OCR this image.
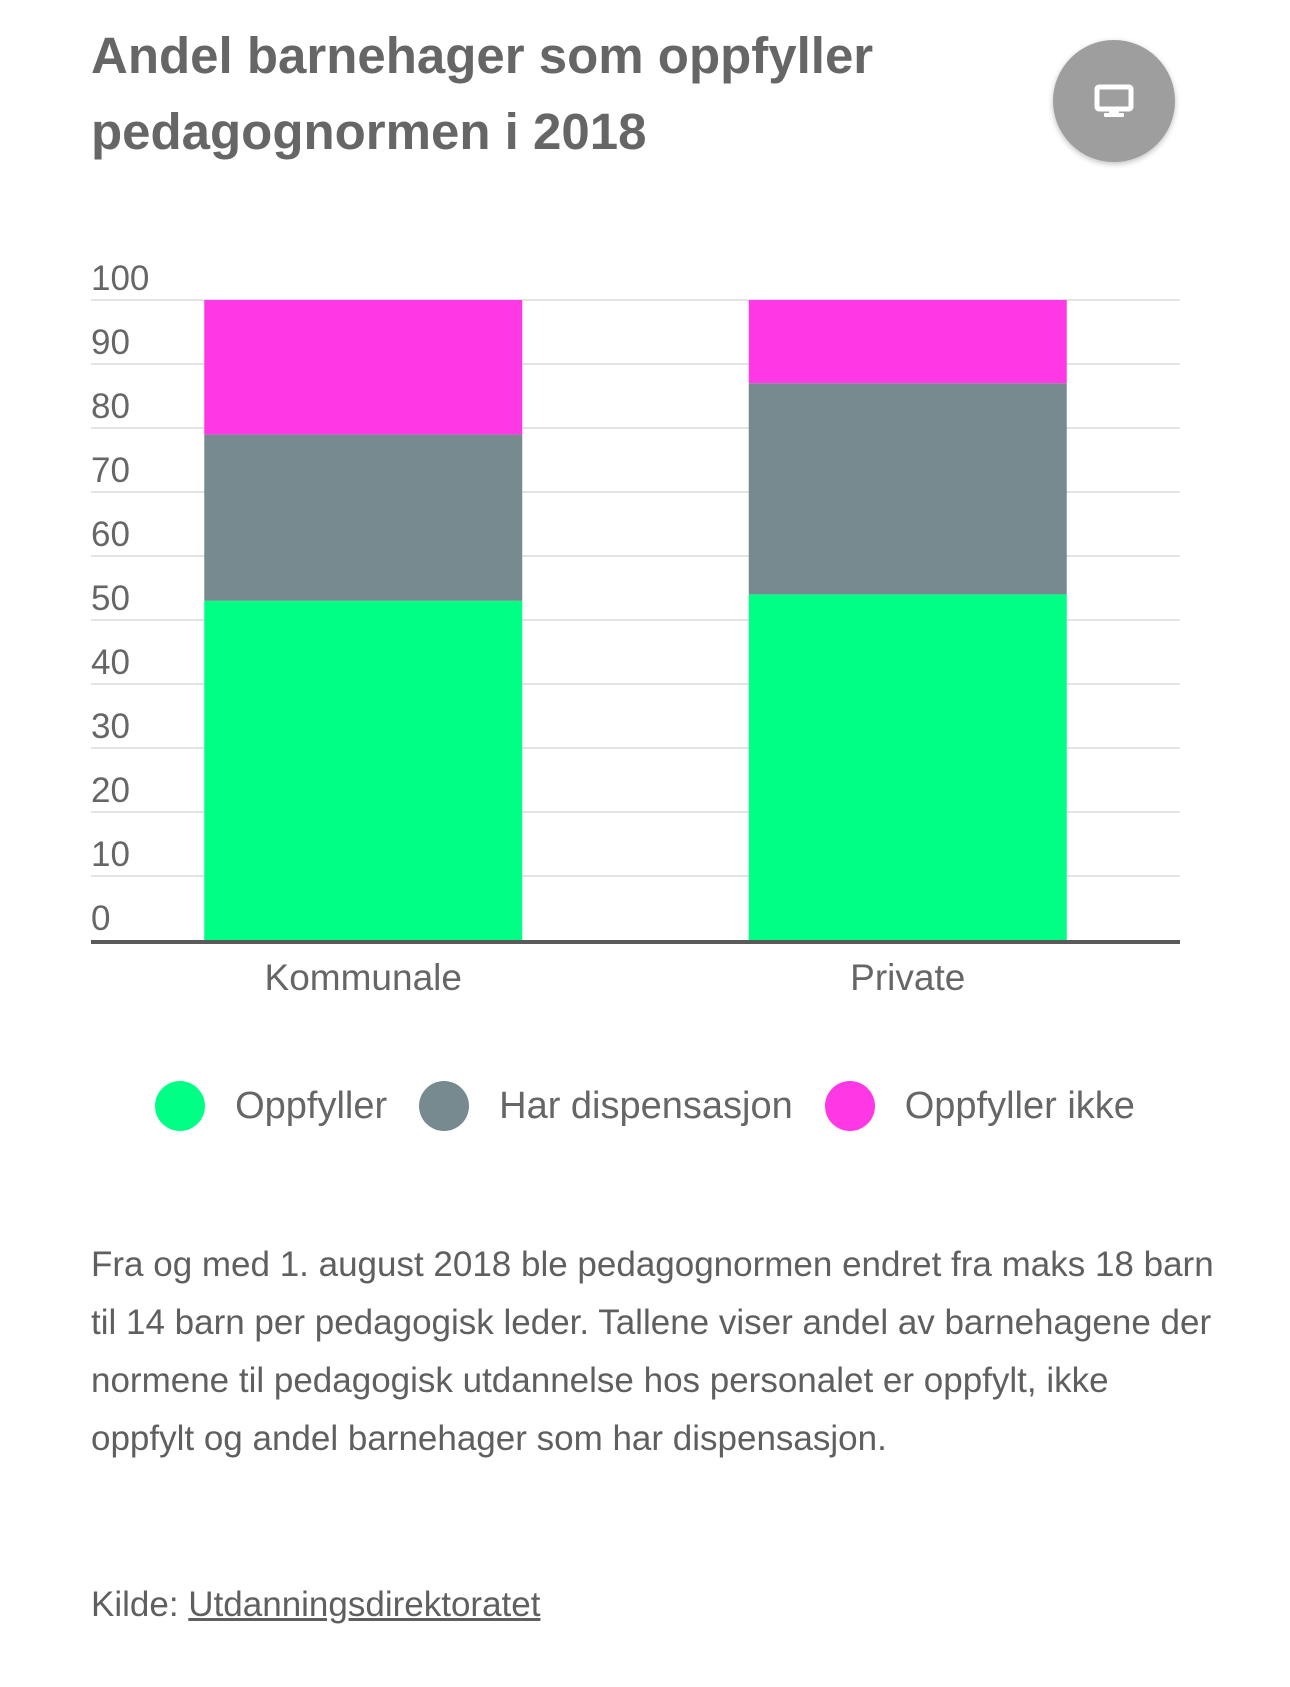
Andel barnehager som oppfyller pedagognormen i 2018
0
10
20
30
40
50
60
70
80
90
100
Kommunale	Private
Oppfyller	Har dispensasjon	Oppfyller ikke

Fra og med 1. august 2018 ble pedagognormen endret fra maks 18 barn til 14 barn per pedagogisk leder. Tallene viser andel av barnehagene der normene til pedagogisk utdannelse hos personalet er oppfylt, ikke oppfylt og andel barnehager som har dispensasjon.

Kilde: Utdanningsdirektoratet
